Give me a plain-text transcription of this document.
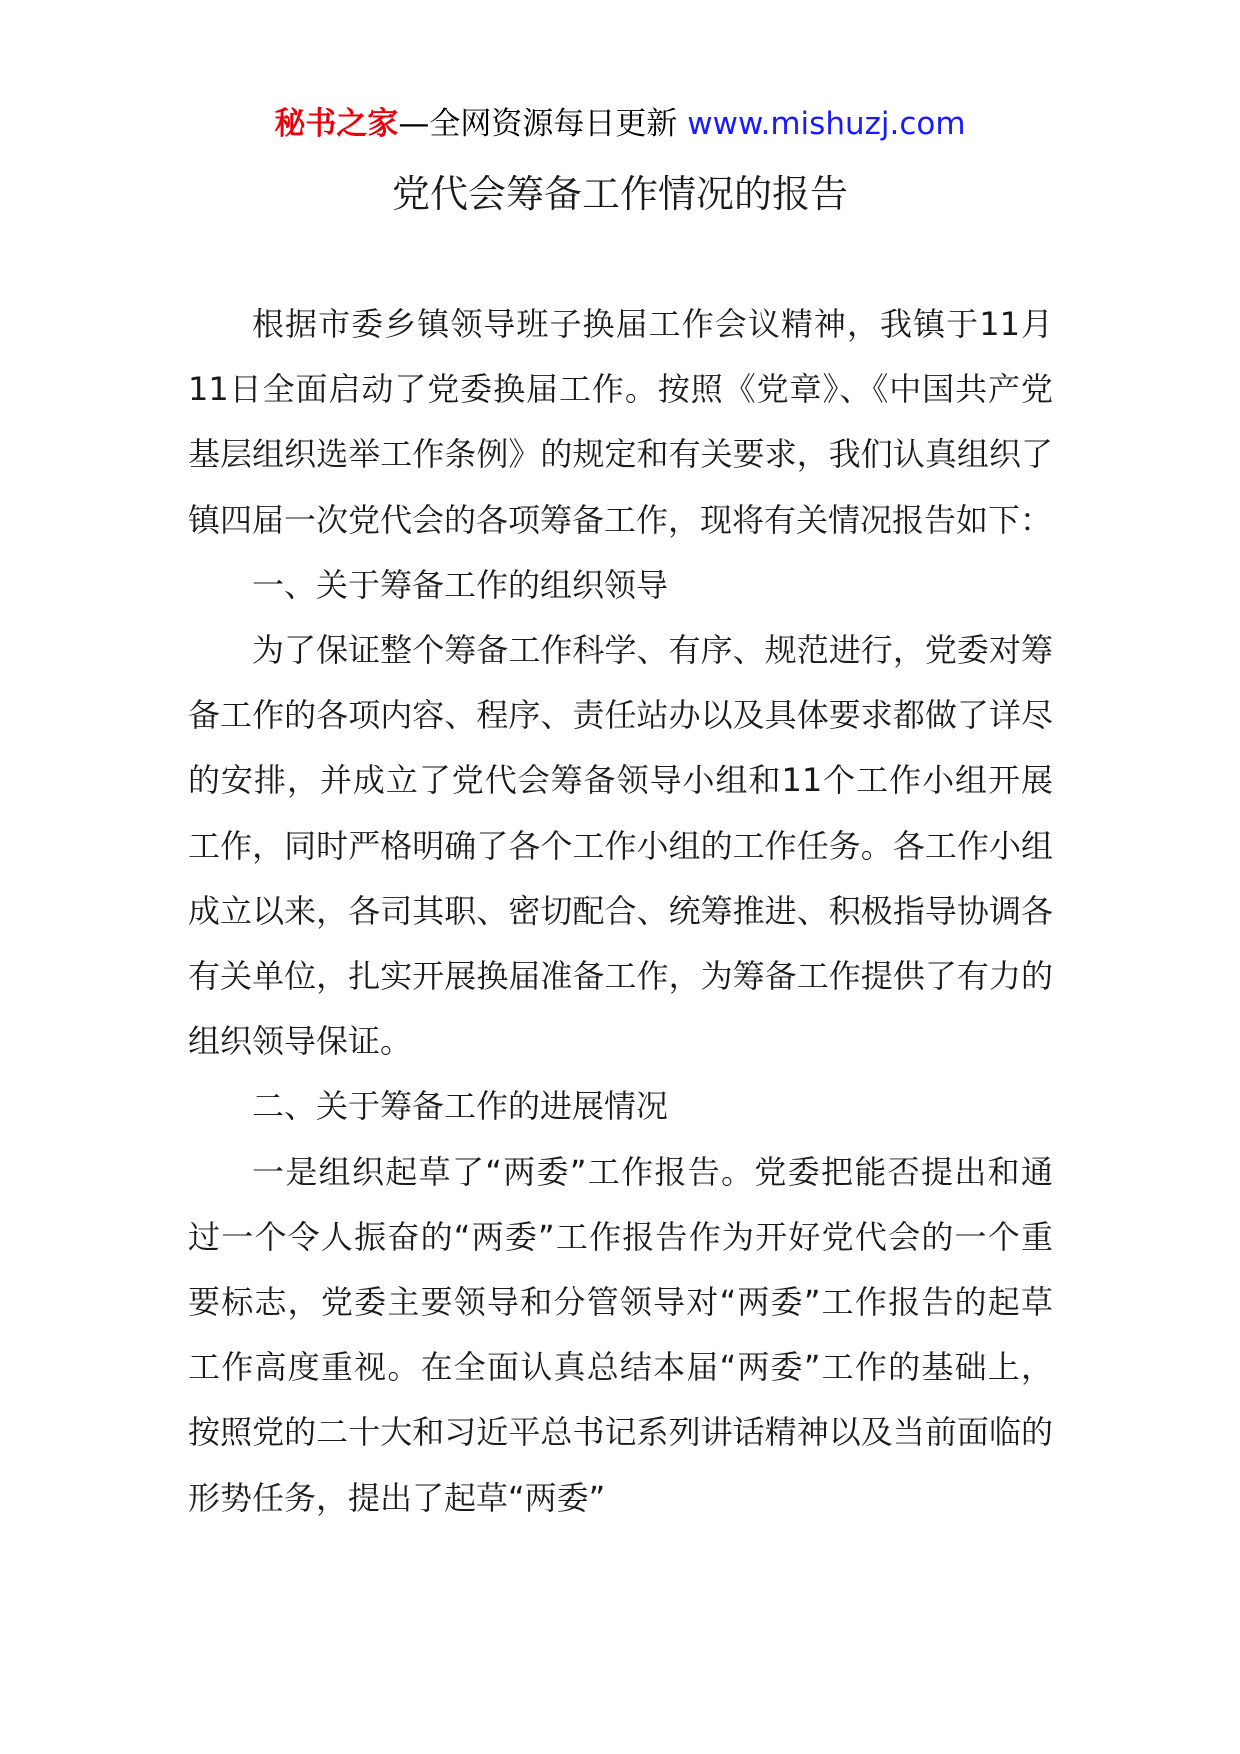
秘书之家—全网资源每日更新 www.mishuzj.com
党代会筹备工作情况的报告

根据市委乡镇领导班子换届工作会议精神，我镇于11月11日全面启动了党委换届工作。按照《党章》、《中国共产党基层组织选举工作条例》的规定和有关要求，我们认真组织了镇四届一次党代会的各项筹备工作，现将有关情况报告如下：

一、关于筹备工作的组织领导

为了保证整个筹备工作科学、有序、规范进行，党委对筹备工作的各项内容、程序、责任站办以及具体要求都做了详尽的安排，并成立了党代会筹备领导小组和11个工作小组开展工作，同时严格明确了各个工作小组的工作任务。各工作小组成立以来，各司其职、密切配合、统筹推进、积极指导协调各有关单位，扎实开展换届准备工作，为筹备工作提供了有力的组织领导保证。

二、关于筹备工作的进展情况

一是组织起草了“两委”工作报告。党委把能否提出和通过一个令人振奋的“两委”工作报告作为开好党代会的一个重要标志，党委主要领导和分管领导对“两委”工作报告的起草工作高度重视。在全面认真总结本届“两委”工作的基础上，按照党的二十大和习近平总书记系列讲话精神以及当前面临的形势任务，提出了起草“两委”
